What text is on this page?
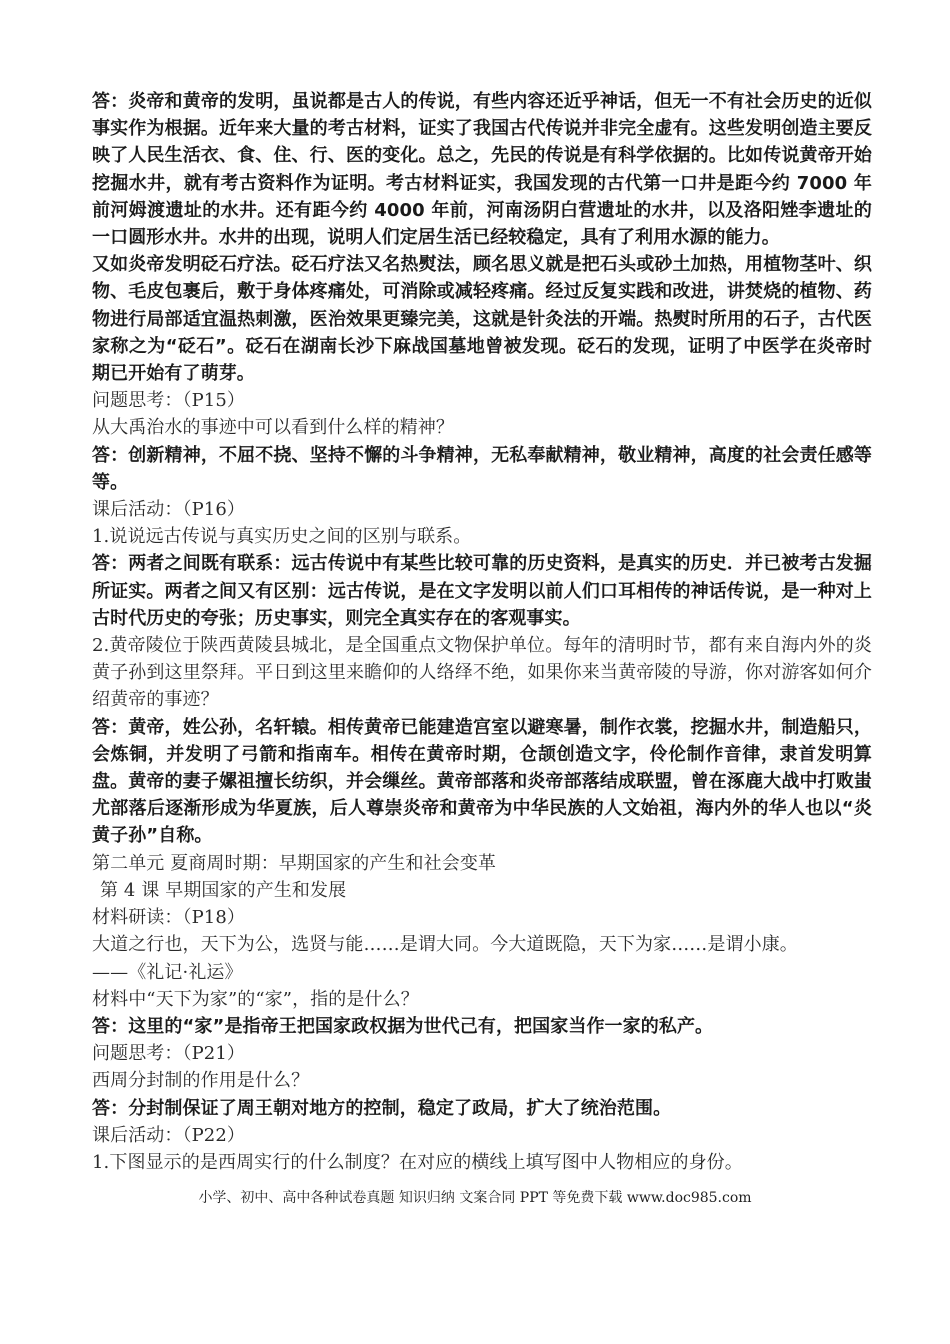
答：炎帝和黄帝的发明，虽说都是古人的传说，有些内容还近乎神话，但无一不有社会历史的近似事实作为根据。近年来大量的考古材料，证实了我国古代传说并非完全虚有。这些发明创造主要反映了人民生活衣、食、住、行、医的变化。总之，先民的传说是有科学依据的。比如传说黄帝开始挖掘水井，就有考古资料作为证明。考古材料证实，我国发现的古代第一口井是距今约 7000 年前河姆渡遗址的水井。还有距今约 4000 年前，河南汤阴白营遗址的水井，以及洛阳矬李遗址的一口圆形水井。水井的出现，说明人们定居生活已经较稳定，具有了利用水源的能力。

又如炎帝发明砭石疗法。砭石疗法又名热熨法，顾名思义就是把石头或砂土加热，用植物茎叶、织物、毛皮包裹后，敷于身体疼痛处，可消除或减轻疼痛。经过反复实践和改进，讲焚烧的植物、药物进行局部适宜温热刺激，医治效果更臻完美，这就是针灸法的开端。热熨时所用的石子，古代医家称之为“砭石”。砭石在湖南长沙下麻战国墓地曾被发现。砭石的发现，证明了中医学在炎帝时期已开始有了萌芽。

问题思考：（P15）

从大禹治水的事迹中可以看到什么样的精神？

答：创新精神，不屈不挠、坚持不懈的斗争精神，无私奉献精神，敬业精神，高度的社会责任感等等。

课后活动：（P16）

1.说说远古传说与真实历史之间的区别与联系。

答：两者之间既有联系：远古传说中有某些比较可靠的历史资料，是真实的历史．并已被考古发掘所证实。两者之间又有区别：远古传说，是在文字发明以前人们口耳相传的神话传说，是一种对上古时代历史的夸张；历史事实，则完全真实存在的客观事实。

2.黄帝陵位于陕西黄陵县城北，是全国重点文物保护单位。每年的清明时节，都有来自海内外的炎黄子孙到这里祭拜。平日到这里来瞻仰的人络绎不绝，如果你来当黄帝陵的导游，你对游客如何介绍黄帝的事迹？

答：黄帝，姓公孙，名轩辕。相传黄帝已能建造宫室以避寒暑，制作衣裳，挖掘水井，制造船只，会炼铜，并发明了弓箭和指南车。相传在黄帝时期，仓颉创造文字，伶伦制作音律，隶首发明算盘。黄帝的妻子嫘祖擅长纺织，并会缫丝。黄帝部落和炎帝部落结成联盟，曾在涿鹿大战中打败蚩尤部落后逐渐形成为华夏族，后人尊崇炎帝和黄帝为中华民族的人文始祖，海内外的华人也以“炎黄子孙”自称。

第二单元 夏商周时期：早期国家的产生和社会变革

第 4 课 早期国家的产生和发展

材料研读：（P18）

大道之行也，天下为公，选贤与能……是谓大同。今大道既隐，天下为家……是谓小康。

——《礼记·礼运》

材料中“天下为家”的“家”，指的是什么？

答：这里的“家”是指帝王把国家政权据为世代己有，把国家当作一家的私产。

问题思考：（P21）

西周分封制的作用是什么？

答：分封制保证了周王朝对地方的控制，稳定了政局，扩大了统治范围。

课后活动：（P22）

1.下图显示的是西周实行的什么制度？在对应的横线上填写图中人物相应的身份。

小学、初中、高中各种试卷真题 知识归纳 文案合同 PPT 等免费下载 www.doc985.com
